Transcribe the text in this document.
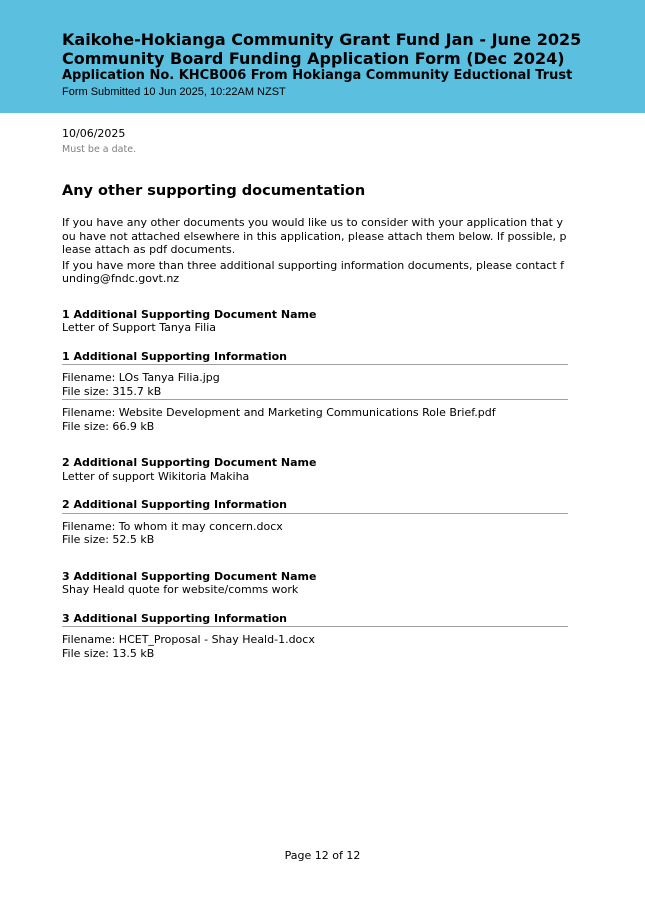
Kaikohe-Hokianga Community Grant Fund Jan - June 2025
Community Board Funding Application Form (Dec 2024)
Application No. KHCB006 From Hokianga Community Eductional Trust
Form Submitted 10 Jun 2025, 10:22AM NZST
10/06/2025
Must be a date.
Any other supporting documentation
If you have any other documents you would like us to consider with your application that you have not attached elsewhere in this application, please attach them below. If possible, please attach as pdf documents.
If you have more than three additional supporting information documents, please contact funding@fndc.govt.nz
1 Additional Supporting Document Name
Letter of Support Tanya Filia
1 Additional Supporting Information
Filename: LOs Tanya Filia.jpg
File size: 315.7 kB
Filename: Website Development and Marketing Communications Role Brief.pdf
File size: 66.9 kB
2 Additional Supporting Document Name
Letter of support Wikitoria Makiha
2 Additional Supporting Information
Filename: To whom it may concern.docx
File size: 52.5 kB
3 Additional Supporting Document Name
Shay Heald quote for website/comms work
3 Additional Supporting Information
Filename: HCET_Proposal - Shay Heald-1.docx
File size: 13.5 kB
Page 12 of 12
